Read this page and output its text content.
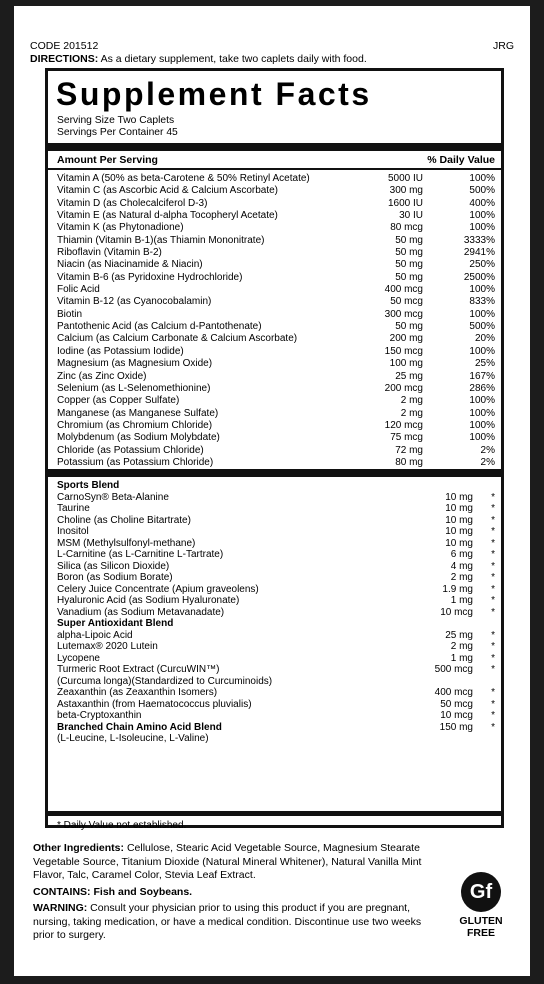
CODE 201512	JRG
DIRECTIONS: As a dietary supplement, take two caplets daily with food.
Supplement Facts
Serving Size Two Caplets
Servings Per Container 45
Amount Per Serving	% Daily Value
Vitamin A (50% as beta-Carotene & 50% Retinyl Acetate)	5000 IU	100%
Vitamin C (as Ascorbic Acid & Calcium Ascorbate)	300 mg	500%
Vitamin D (as Cholecalciferol D-3)	1600 IU	400%
Vitamin E (as Natural d-alpha Tocopheryl Acetate)	30 IU	100%
Vitamin K (as Phytonadione)	80 mcg	100%
Thiamin (Vitamin B-1)(as Thiamin Mononitrate)	50 mg	3333%
Riboflavin (Vitamin B-2)	50 mg	2941%
Niacin (as Niacinamide & Niacin)	50 mg	250%
Vitamin B-6 (as Pyridoxine Hydrochloride)	50 mg	2500%
Folic Acid	400 mcg	100%
Vitamin B-12 (as Cyanocobalamin)	50 mcg	833%
Biotin	300 mcg	100%
Pantothenic Acid (as Calcium d-Pantothenate)	50 mg	500%
Calcium (as Calcium Carbonate & Calcium Ascorbate)	200 mg	20%
Iodine (as Potassium Iodide)	150 mcg	100%
Magnesium (as Magnesium Oxide)	100 mg	25%
Zinc (as Zinc Oxide)	25 mg	167%
Selenium (as L-Selenomethionine)	200 mcg	286%
Copper (as Copper Sulfate)	2 mg	100%
Manganese (as Manganese Sulfate)	2 mg	100%
Chromium (as Chromium Chloride)	120 mcg	100%
Molybdenum (as Sodium Molybdate)	75 mcg	100%
Chloride (as Potassium Chloride)	72 mg	2%
Potassium (as Potassium Chloride)	80 mg	2%
Sports Blend
CarnoSyn® Beta-Alanine	10 mg *
Taurine	10 mg *
Choline (as Choline Bitartrate)	10 mg *
Inositol	10 mg *
MSM (Methylsulfonyl-methane)	10 mg *
L-Carnitine (as L-Carnitine L-Tartrate)	6 mg *
Silica (as Silicon Dioxide)	4 mg *
Boron (as Sodium Borate)	2 mg *
Celery Juice Concentrate (Apium graveolens)	1.9 mg *
Hyaluronic Acid (as Sodium Hyaluronate)	1 mg *
Vanadium (as Sodium Metavanadate)	10 mcg *
Super Antioxidant Blend
alpha-Lipoic Acid	25 mg *
Lutemax® 2020 Lutein	2 mg *
Lycopene	1 mg *
Turmeric Root Extract (CurcuWIN™)	500 mcg *
(Curcuma longa)(Standardized to Curcuminoids)
Zeaxanthin (as Zeaxanthin Isomers)	400 mcg *
Astaxanthin (from Haematococcus pluvialis)	50 mcg *
beta-Cryptoxanthin	10 mcg *
Branched Chain Amino Acid Blend	150 mg *
(L-Leucine, L-Isoleucine, L-Valine)
* Daily Value not established.
Other Ingredients: Cellulose, Stearic Acid Vegetable Source, Magnesium Stearate Vegetable Source, Titanium Dioxide (Natural Mineral Whitener), Natural Vanilla Mint Flavor, Talc, Caramel Color, Stevia Leaf Extract.
CONTAINS: Fish and Soybeans.
WARNING: Consult your physician prior to using this product if you are pregnant, nursing, taking medication, or have a medical condition. Discontinue use two weeks prior to surgery.
Gf
GLUTEN
FREE
